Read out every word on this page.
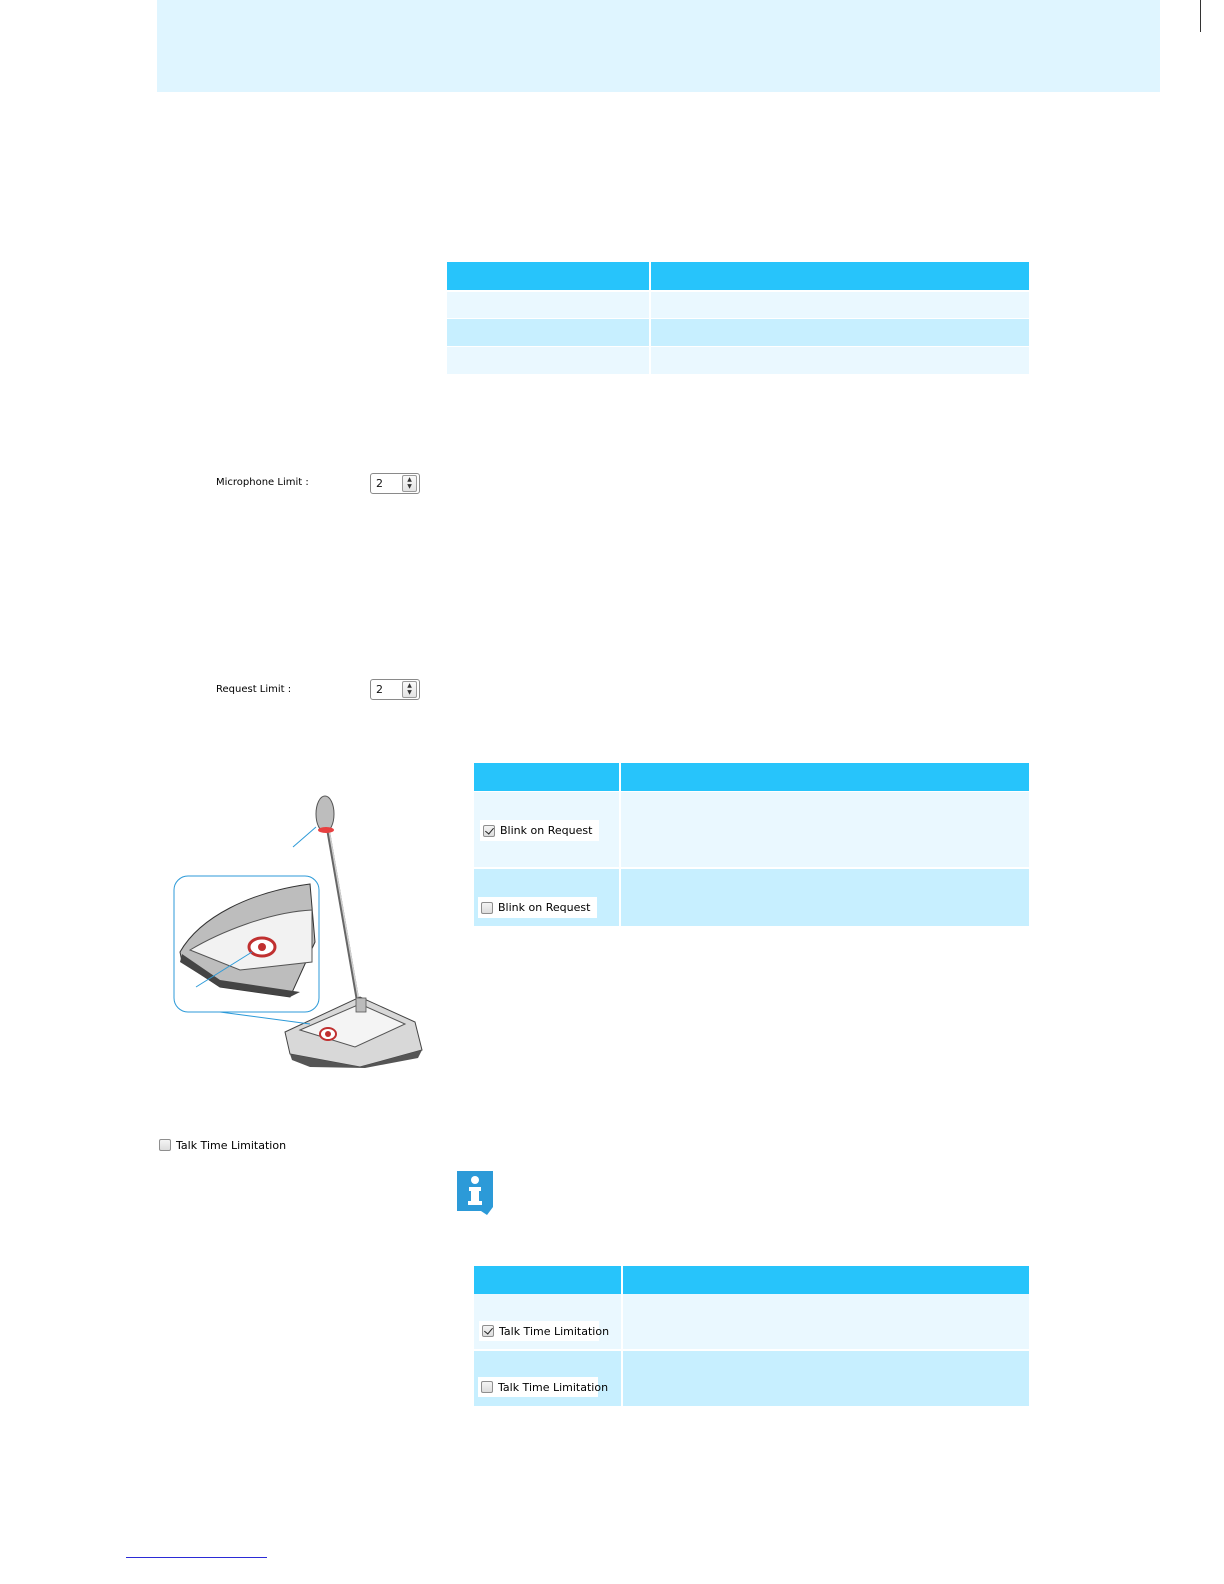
Microphone Limit :	2	▲
▼
Request Limit :	2	▲
▼
Blink on Request
Blink on Request
Talk Time Limitation
Talk Time Limitation
Talk Time Limitation
